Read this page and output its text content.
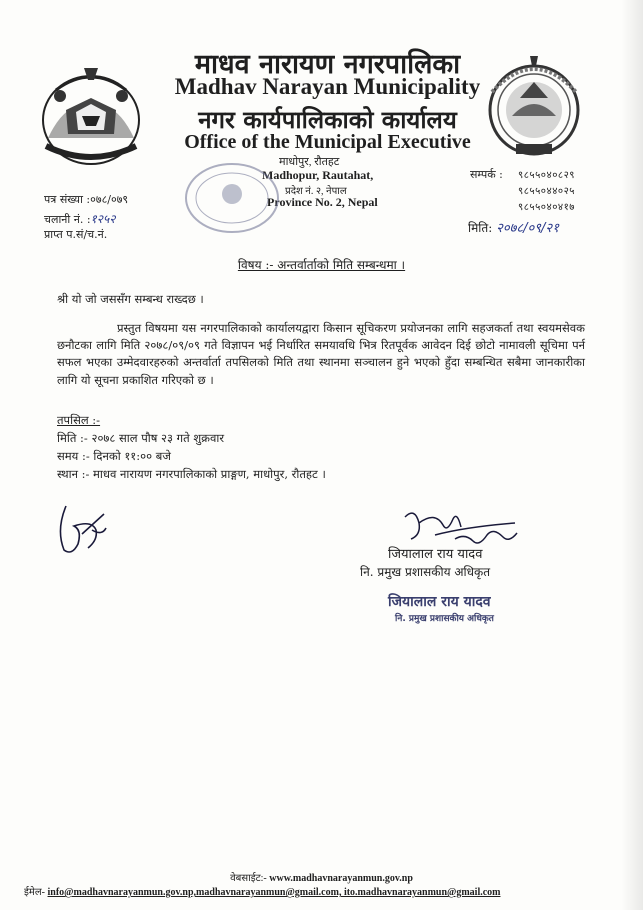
माधव नारायण नगरपालिका
Madhav Narayan Municipality
नगर कार्यपालिकाको कार्यालय
Office of the Municipal Executive
माधोपुर, रौतहट
Madhopur, Rautahat,
प्रदेश नं. २, नेपाल
Province No. 2, Nepal
पत्र संख्या :०७८/०७९
चलानी नं. :१२५२
प्राप्त प.सं/च.नं.
सम्पर्क : ९८५५०४०८२९
९८५५०४४०२५
९८५५०४०४१७
मिति: २०७८/०९/२१
विषय :- अन्तर्वार्ताको मिति सम्बन्धमा ।
श्री यो जो जससँग सम्बन्ध राख्दछ ।
प्रस्तुत विषयमा यस नगरपालिकाको कार्यालयद्वारा किसान सूचिकरण प्रयोजनका लागि सहजकर्ता तथा स्वयमसेवक छनौटका लागि मिति २०७८/०९/०९ गते विज्ञापन भई निर्धारित समयावधि भित्र रितपूर्वक आवेदन दिई छोटो नामावली सूचिमा पर्न सफल भएका उम्मेदवारहरुको अन्तर्वार्ता तपसिलको मिति तथा स्थानमा सञ्चालन हुने भएको हुँदा सम्बन्धित सबैमा जानकारीका लागि यो सूचना प्रकाशित गरिएको छ ।
तपसिल :-
मिति :- २०७८ साल पौष २३ गते शुक्रवार
समय :- दिनको ११:०० बजे
स्थान :- माधव नारायण नगरपालिकाको प्राङ्गण, माधोपुर, रौतहट ।
जियालाल राय यादव
नि. प्रमुख प्रशासकीय अधिकृत
जियालाल राय यादव
नि. प्रमुख प्रशासकीय अधिकृत
वेबसाईट:- www.madhavnarayanmun.gov.np
ईमेल- info@madhavnarayanmun.gov.np,madhavnarayanmun@gmail.com, ito.madhavnarayanmun@gmail.com
